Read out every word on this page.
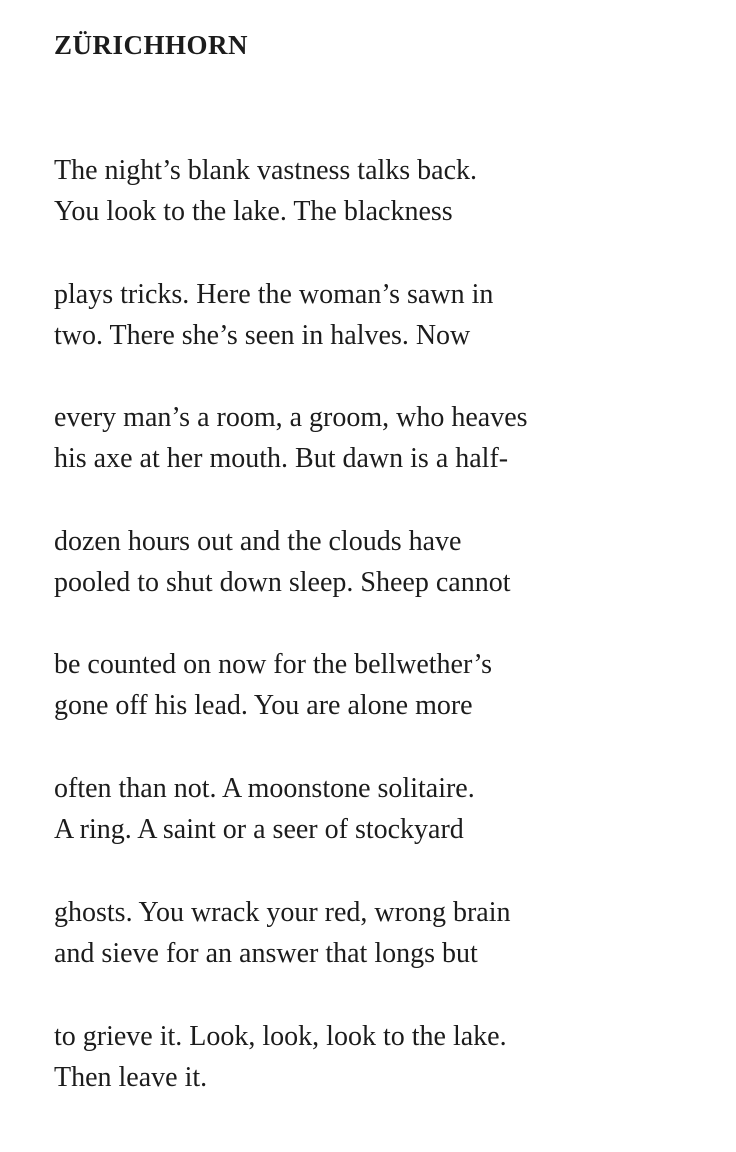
ZÜRICHHORN

The night’s blank vastness talks back.
You look to the lake. The blackness

plays tricks. Here the woman’s sawn in
two. There she’s seen in halves. Now

every man’s a room, a groom, who heaves
his axe at her mouth. But dawn is a half-

dozen hours out and the clouds have
pooled to shut down sleep. Sheep cannot

be counted on now for the bellwether’s
gone off his lead. You are alone more

often than not. A moonstone solitaire.
A ring. A saint or a seer of stockyard

ghosts. You wrack your red, wrong brain
and sieve for an answer that longs but

to grieve it. Look, look, look to the lake.
Then leave it.
